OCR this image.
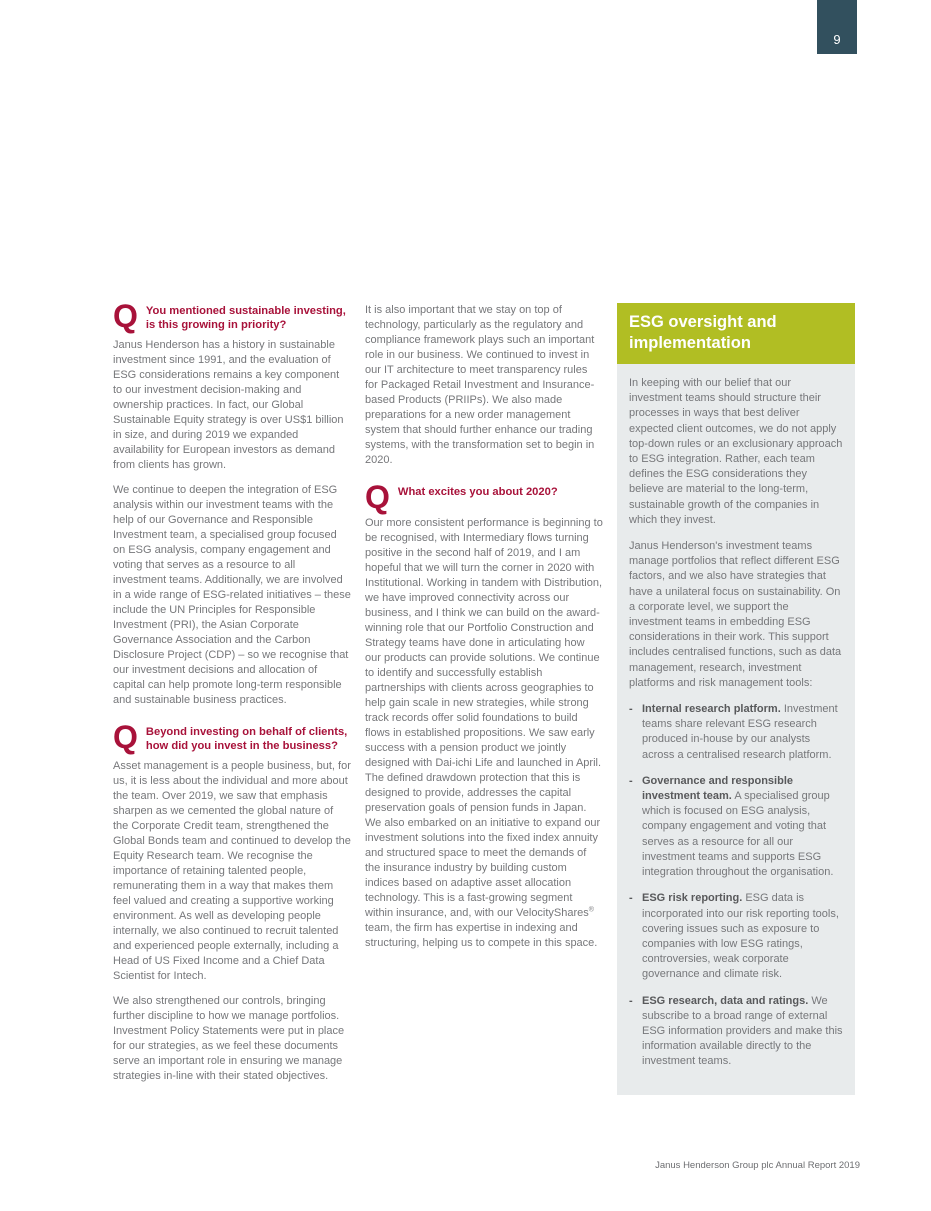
9
Q You mentioned sustainable investing, is this growing in priority?

Janus Henderson has a history in sustainable investment since 1991, and the evaluation of ESG considerations remains a key component to our investment decision-making and ownership practices. In fact, our Global Sustainable Equity strategy is over US$1 billion in size, and during 2019 we expanded availability for European investors as demand from clients has grown.

We continue to deepen the integration of ESG analysis within our investment teams with the help of our Governance and Responsible Investment team, a specialised group focused on ESG analysis, company engagement and voting that serves as a resource to all investment teams. Additionally, we are involved in a wide range of ESG-related initiatives – these include the UN Principles for Responsible Investment (PRI), the Asian Corporate Governance Association and the Carbon Disclosure Project (CDP) – so we recognise that our investment decisions and allocation of capital can help promote long-term responsible and sustainable business practices.

Q Beyond investing on behalf of clients, how did you invest in the business?

Asset management is a people business, but, for us, it is less about the individual and more about the team. Over 2019, we saw that emphasis sharpen as we cemented the global nature of the Corporate Credit team, strengthened the Global Bonds team and continued to develop the Equity Research team. We recognise the importance of retaining talented people, remunerating them in a way that makes them feel valued and creating a supportive working environment. As well as developing people internally, we also continued to recruit talented and experienced people externally, including a Head of US Fixed Income and a Chief Data Scientist for Intech.

We also strengthened our controls, bringing further discipline to how we manage portfolios. Investment Policy Statements were put in place for our strategies, as we feel these documents serve an important role in ensuring we manage strategies in-line with their stated objectives.

It is also important that we stay on top of technology, particularly as the regulatory and compliance framework plays such an important role in our business. We continued to invest in our IT architecture to meet transparency rules for Packaged Retail Investment and Insurance-based Products (PRIIPs). We also made preparations for a new order management system that should further enhance our trading systems, with the transformation set to begin in 2020.

Q What excites you about 2020?

Our more consistent performance is beginning to be recognised, with Intermediary flows turning positive in the second half of 2019, and I am hopeful that we will turn the corner in 2020 with Institutional. Working in tandem with Distribution, we have improved connectivity across our business, and I think we can build on the award-winning role that our Portfolio Construction and Strategy teams have done in articulating how our products can provide solutions. We continue to identify and successfully establish partnerships with clients across geographies to help gain scale in new strategies, while strong track records offer solid foundations to build flows in established propositions. We saw early success with a pension product we jointly designed with Dai-ichi Life and launched in April. The defined drawdown protection that this is designed to provide, addresses the capital preservation goals of pension funds in Japan. We also embarked on an initiative to expand our investment solutions into the fixed index annuity and structured space to meet the demands of the insurance industry by building custom indices based on adaptive asset allocation technology. This is a fast-growing segment within insurance, and, with our VelocityShares® team, the firm has expertise in indexing and structuring, helping us to compete in this space.

ESG oversight and implementation

In keeping with our belief that our investment teams should structure their processes in ways that best deliver expected client outcomes, we do not apply top-down rules or an exclusionary approach to ESG integration. Rather, each team defines the ESG considerations they believe are material to the long-term, sustainable growth of the companies in which they invest.

Janus Henderson's investment teams manage portfolios that reflect different ESG factors, and we also have strategies that have a unilateral focus on sustainability. On a corporate level, we support the investment teams in embedding ESG considerations in their work. This support includes centralised functions, such as data management, research, investment platforms and risk management tools:

- Internal research platform. Investment teams share relevant ESG research produced in-house by our analysts across a centralised research platform.
- Governance and responsible investment team. A specialised group which is focused on ESG analysis, company engagement and voting that serves as a resource for all our investment teams and supports ESG integration throughout the organisation.
- ESG risk reporting. ESG data is incorporated into our risk reporting tools, covering issues such as exposure to companies with low ESG ratings, controversies, weak corporate governance and climate risk.
- ESG research, data and ratings. We subscribe to a broad range of external ESG information providers and make this information available directly to the investment teams.
Janus Henderson Group plc Annual Report 2019
